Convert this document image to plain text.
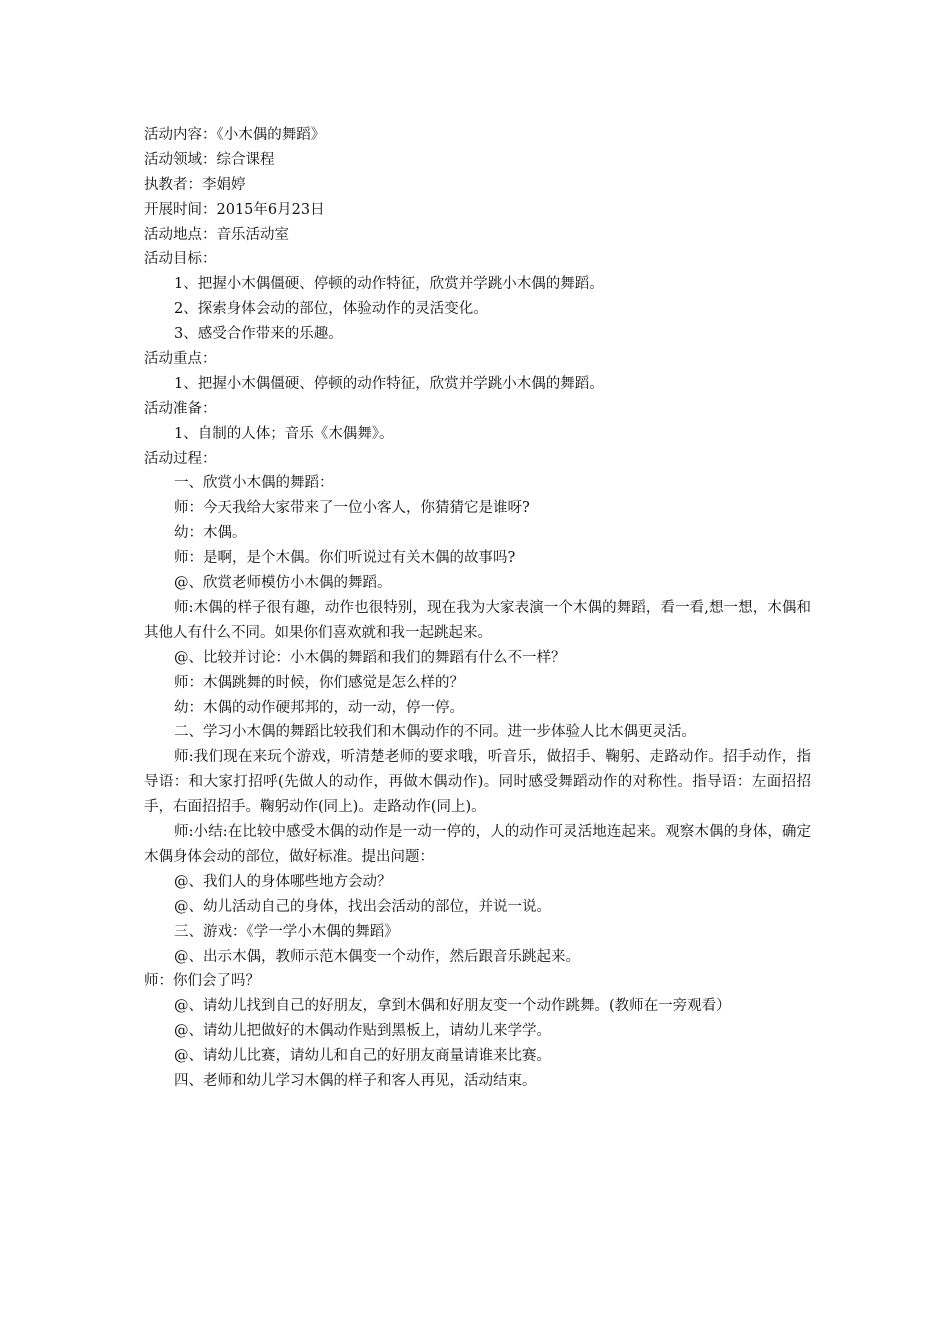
活动内容：《小木偶的舞蹈》
活动领域：综合课程
执教者：李娟婷
开展时间：2015年6月23日
活动地点：音乐活动室
活动目标：
1、把握小木偶僵硬、停顿的动作特征，欣赏并学跳小木偶的舞蹈。
2、探索身体会动的部位，体验动作的灵活变化。
3、感受合作带来的乐趣。
活动重点：
1、把握小木偶僵硬、停顿的动作特征，欣赏并学跳小木偶的舞蹈。
活动准备：
1、自制的人体；音乐《木偶舞》。
活动过程：
一、欣赏小木偶的舞蹈：
师：今天我给大家带来了一位小客人，你猜猜它是谁呀?
幼：木偶。
师：是啊，是个木偶。你们听说过有关木偶的故事吗?
@、欣赏老师模仿小木偶的舞蹈。
师:木偶的样子很有趣，动作也很特别，现在我为大家表演一个木偶的舞蹈，看一看,想一想，木偶和其他人有什么不同。如果你们喜欢就和我一起跳起来。
@、比较并讨论：小木偶的舞蹈和我们的舞蹈有什么不一样？
师：木偶跳舞的时候，你们感觉是怎么样的？
幼：木偶的动作硬邦邦的，动一动，停一停。
二、学习小木偶的舞蹈比较我们和木偶动作的不同。进一步体验人比木偶更灵活。
师:我们现在来玩个游戏，听清楚老师的要求哦，听音乐，做招手、鞠躬、走路动作。招手动作，指导语：和大家打招呼(先做人的动作，再做木偶动作)。同时感受舞蹈动作的对称性。指导语：左面招招手，右面招招手。鞠躬动作(同上)。走路动作(同上)。
师:小结:在比较中感受木偶的动作是一动一停的，人的动作可灵活地连起来。观察木偶的身体，确定木偶身体会动的部位，做好标准。提出问题：
@、我们人的身体哪些地方会动？
@、幼儿活动自己的身体，找出会活动的部位，并说一说。
三、游戏：《学一学小木偶的舞蹈》
@、出示木偶，教师示范木偶变一个动作，然后跟音乐跳起来。
师：你们会了吗？
@、请幼儿找到自己的好朋友，拿到木偶和好朋友变一个动作跳舞。(教师在一旁观看）
@、请幼儿把做好的木偶动作贴到黑板上，请幼儿来学学。
@、请幼儿比赛，请幼儿和自己的好朋友商量请谁来比赛。
四、老师和幼儿学习木偶的样子和客人再见，活动结束。
